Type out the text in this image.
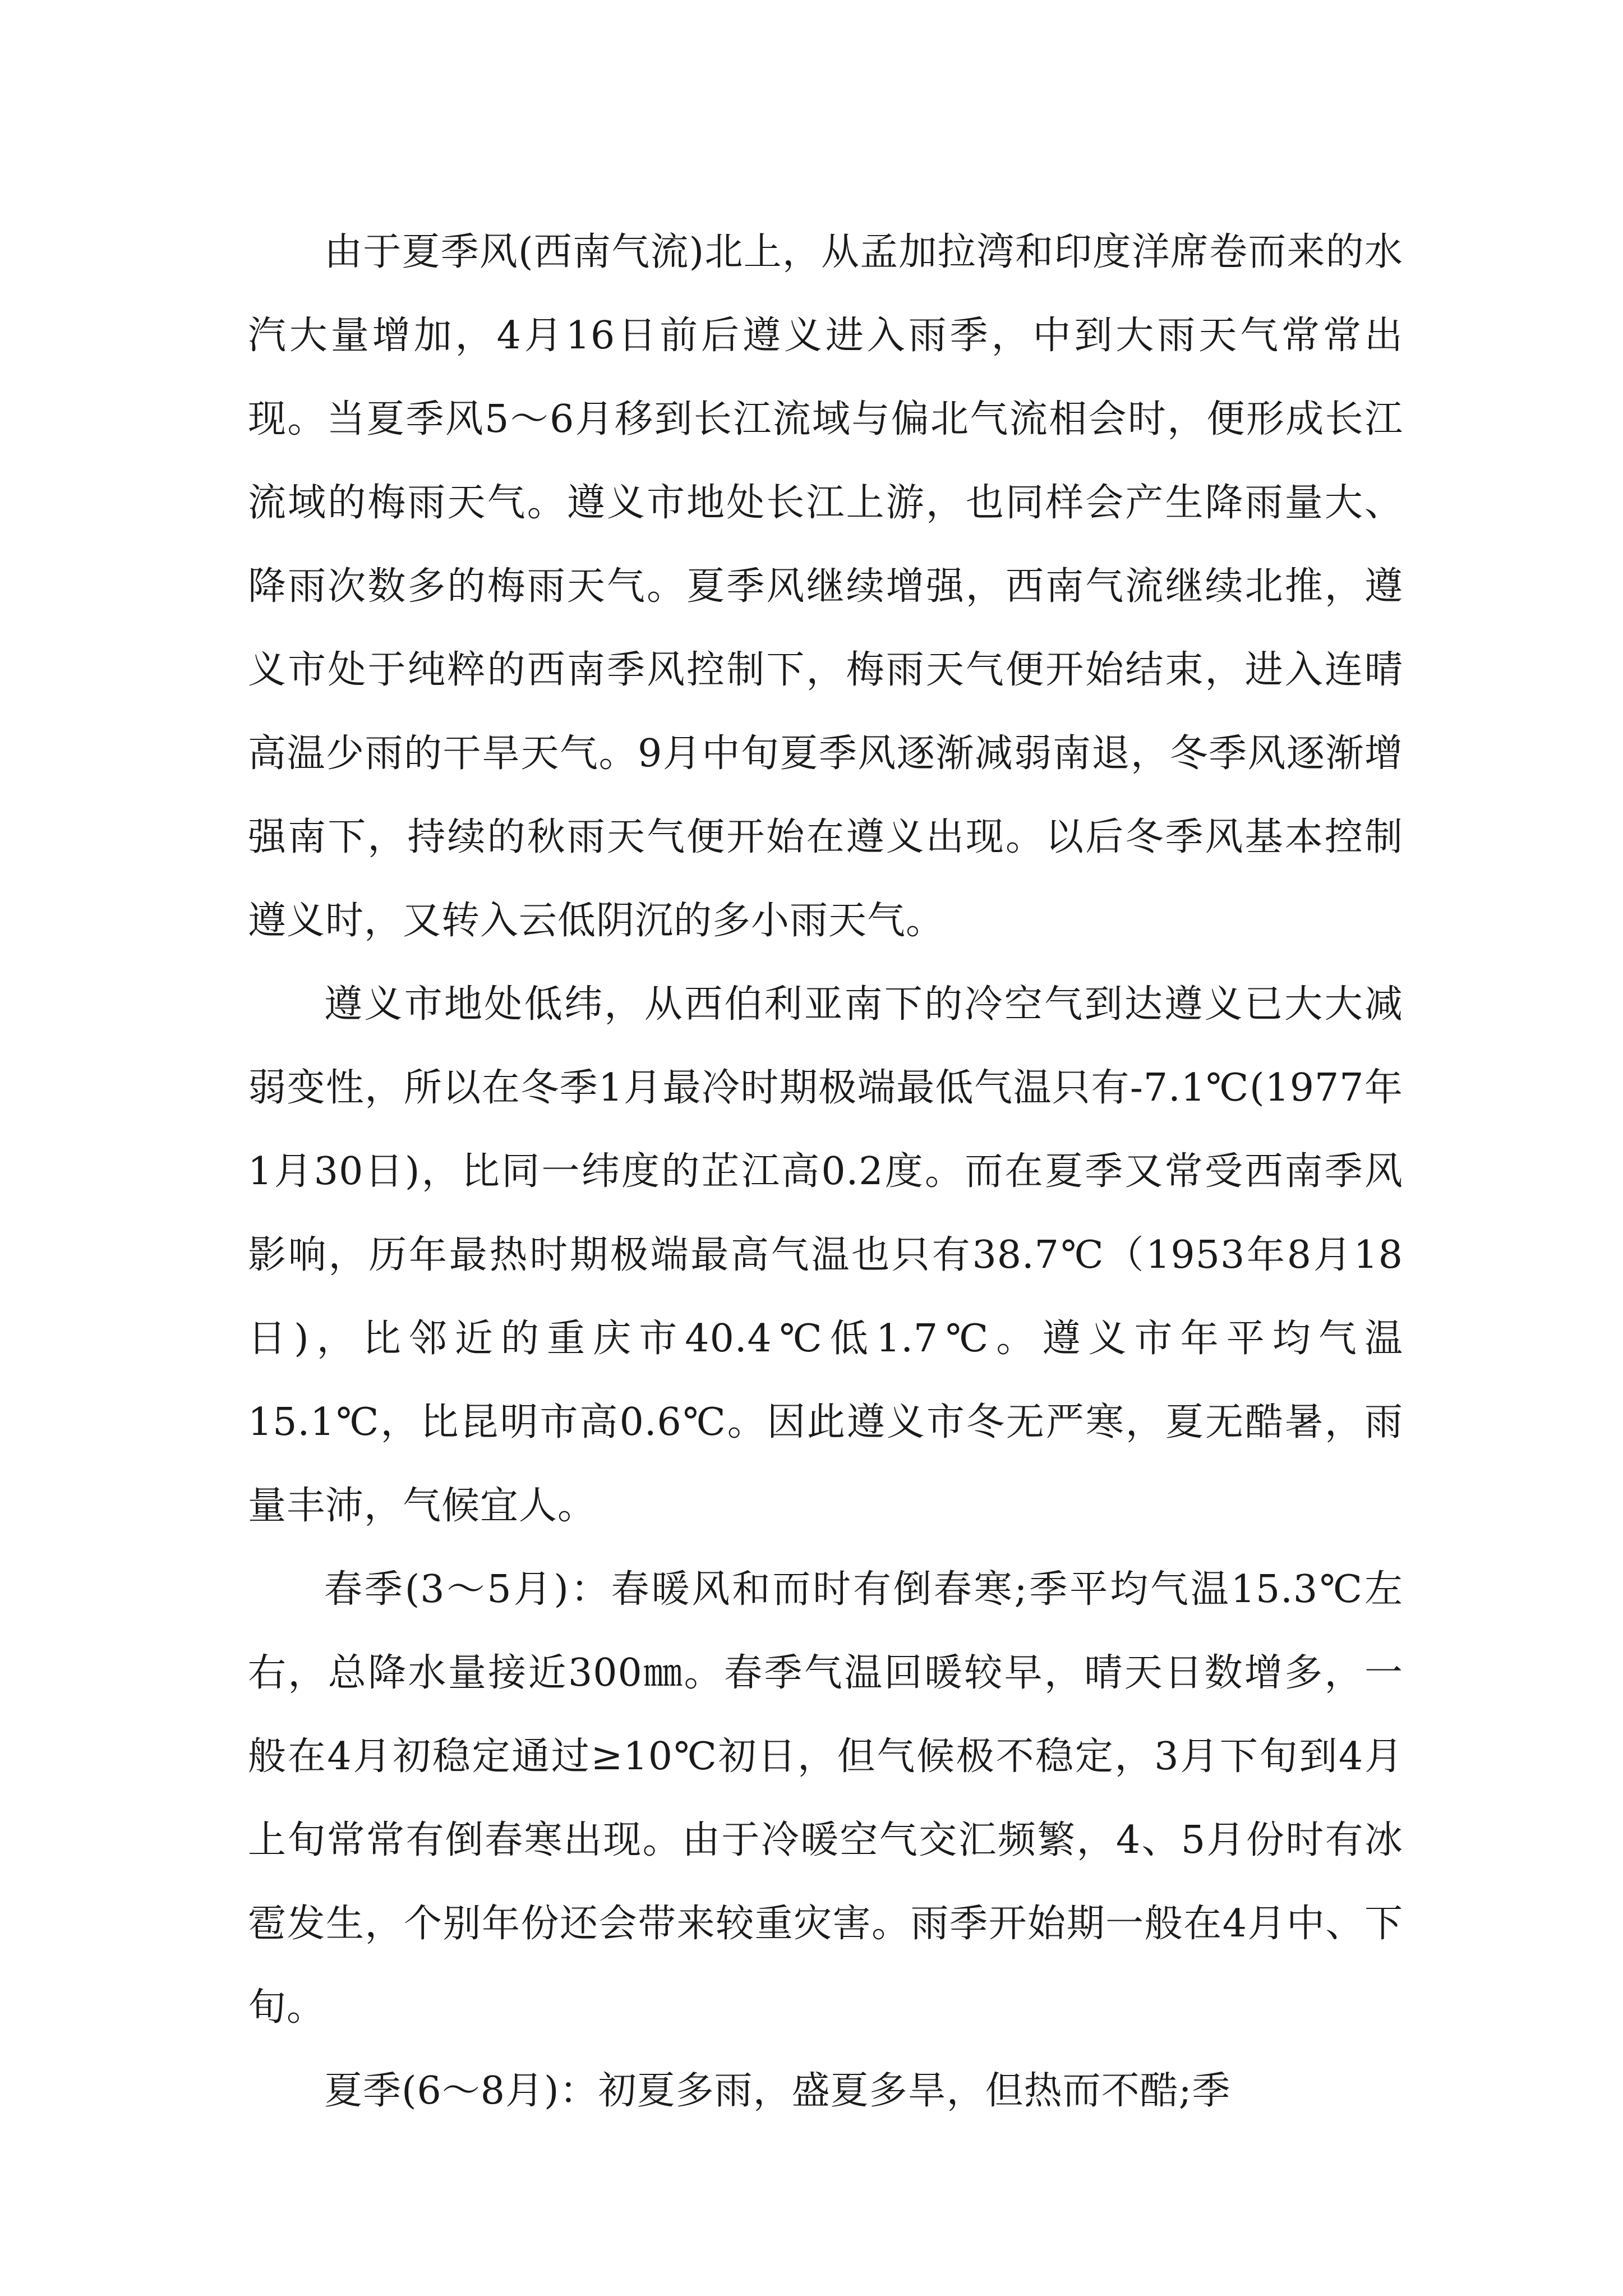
由于夏季风(西南气流)北上，从孟加拉湾和印度洋席卷而来的水汽大量增加，4月16日前后遵义进入雨季，中到大雨天气常常出现。当夏季风5～6月移到长江流域与偏北气流相会时，便形成长江流域的梅雨天气。遵义市地处长江上游，也同样会产生降雨量大、降雨次数多的梅雨天气。夏季风继续增强，西南气流继续北推，遵义市处于纯粹的西南季风控制下，梅雨天气便开始结束，进入连晴高温少雨的干旱天气。9月中旬夏季风逐渐减弱南退，冬季风逐渐增强南下，持续的秋雨天气便开始在遵义出现。以后冬季风基本控制遵义时，又转入云低阴沉的多小雨天气。

遵义市地处低纬，从西伯利亚南下的冷空气到达遵义已大大减弱变性，所以在冬季1月最冷时期极端最低气温只有-7.1℃(1977年1月30日)，比同一纬度的芷江高0.2度。而在夏季又常受西南季风影响，历年最热时期极端最高气温也只有38.7℃（1953年8月18日)，比邻近的重庆市40.4℃低1.7℃。遵义市年平均气温15.1℃，比昆明市高0.6℃。因此遵义市冬无严寒，夏无酷暑，雨量丰沛，气候宜人。

春季(3～5月)：春暖风和而时有倒春寒;季平均气温15.3℃左右，总降水量接近300㎜。春季气温回暖较早，晴天日数增多，一般在4月初稳定通过≥10℃初日，但气候极不稳定，3月下旬到4月上旬常常有倒春寒出现。由于冷暖空气交汇频繁，4、5月份时有冰雹发生，个别年份还会带来较重灾害。雨季开始期一般在4月中、下旬。

夏季(6～8月)：初夏多雨，盛夏多旱，但热而不酷;季
